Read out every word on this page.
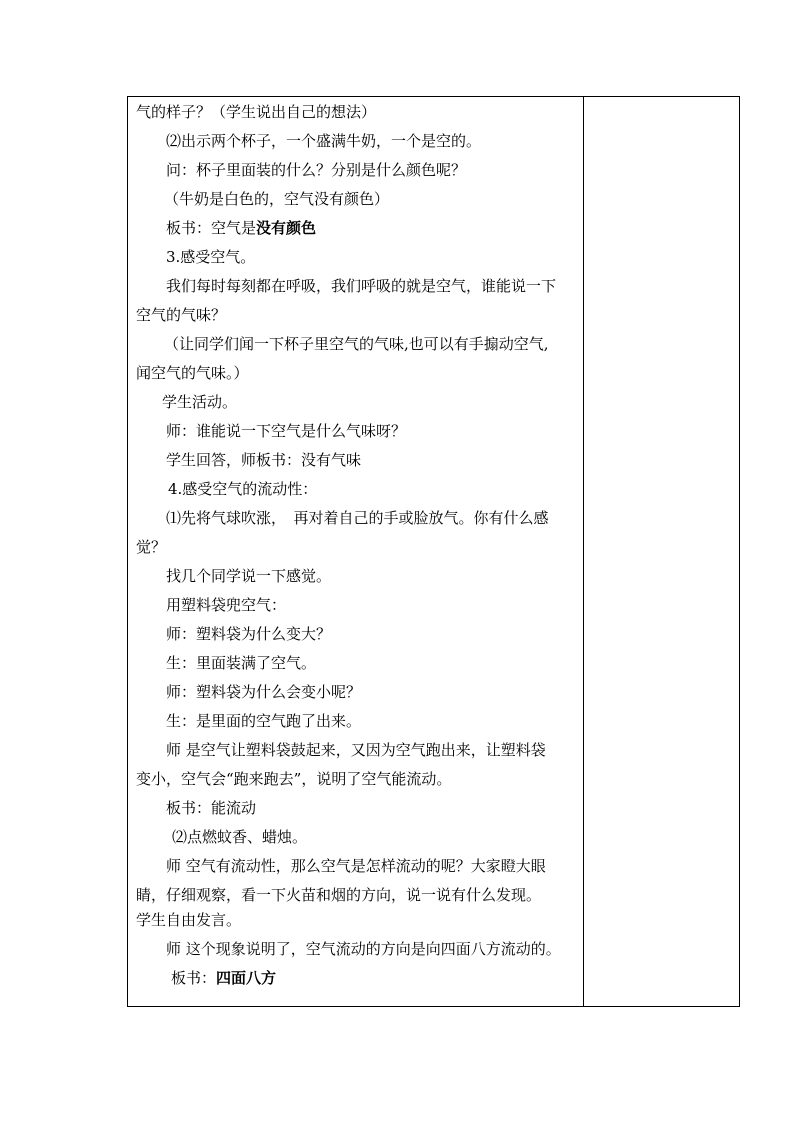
气的样子？（学生说出自己的想法）
⑵出示两个杯子，一个盛满牛奶，一个是空的。
问：杯子里面装的什么？分别是什么颜色呢？
（牛奶是白色的，空气没有颜色）
板书：空气是没有颜色
3.感受空气。
我们每时每刻都在呼吸，我们呼吸的就是空气，谁能说一下
空气的气味？
（让同学们闻一下杯子里空气的气味,也可以有手搧动空气,
闻空气的气味。）
学生活动。
师：谁能说一下空气是什么气味呀？
学生回答，师板书：没有气味
4.感受空气的流动性：
⑴先将气球吹涨，　再对着自己的手或脸放气。你有什么感
觉？
找几个同学说一下感觉。
用塑料袋兜空气：
师：塑料袋为什么变大？
生：里面装满了空气。
师：塑料袋为什么会变小呢？
生：是里面的空气跑了出来。
师 是空气让塑料袋鼓起来，又因为空气跑出来，让塑料袋
变小，空气会“跑来跑去”，说明了空气能流动。
板书：能流动
⑵点燃蚊香、蜡烛。
师 空气有流动性，那么空气是怎样流动的呢？大家瞪大眼
睛，仔细观察，看一下火苗和烟的方向，说一说有什么发现。
学生自由发言。
师 这个现象说明了，空气流动的方向是向四面八方流动的。
板书：四面八方
